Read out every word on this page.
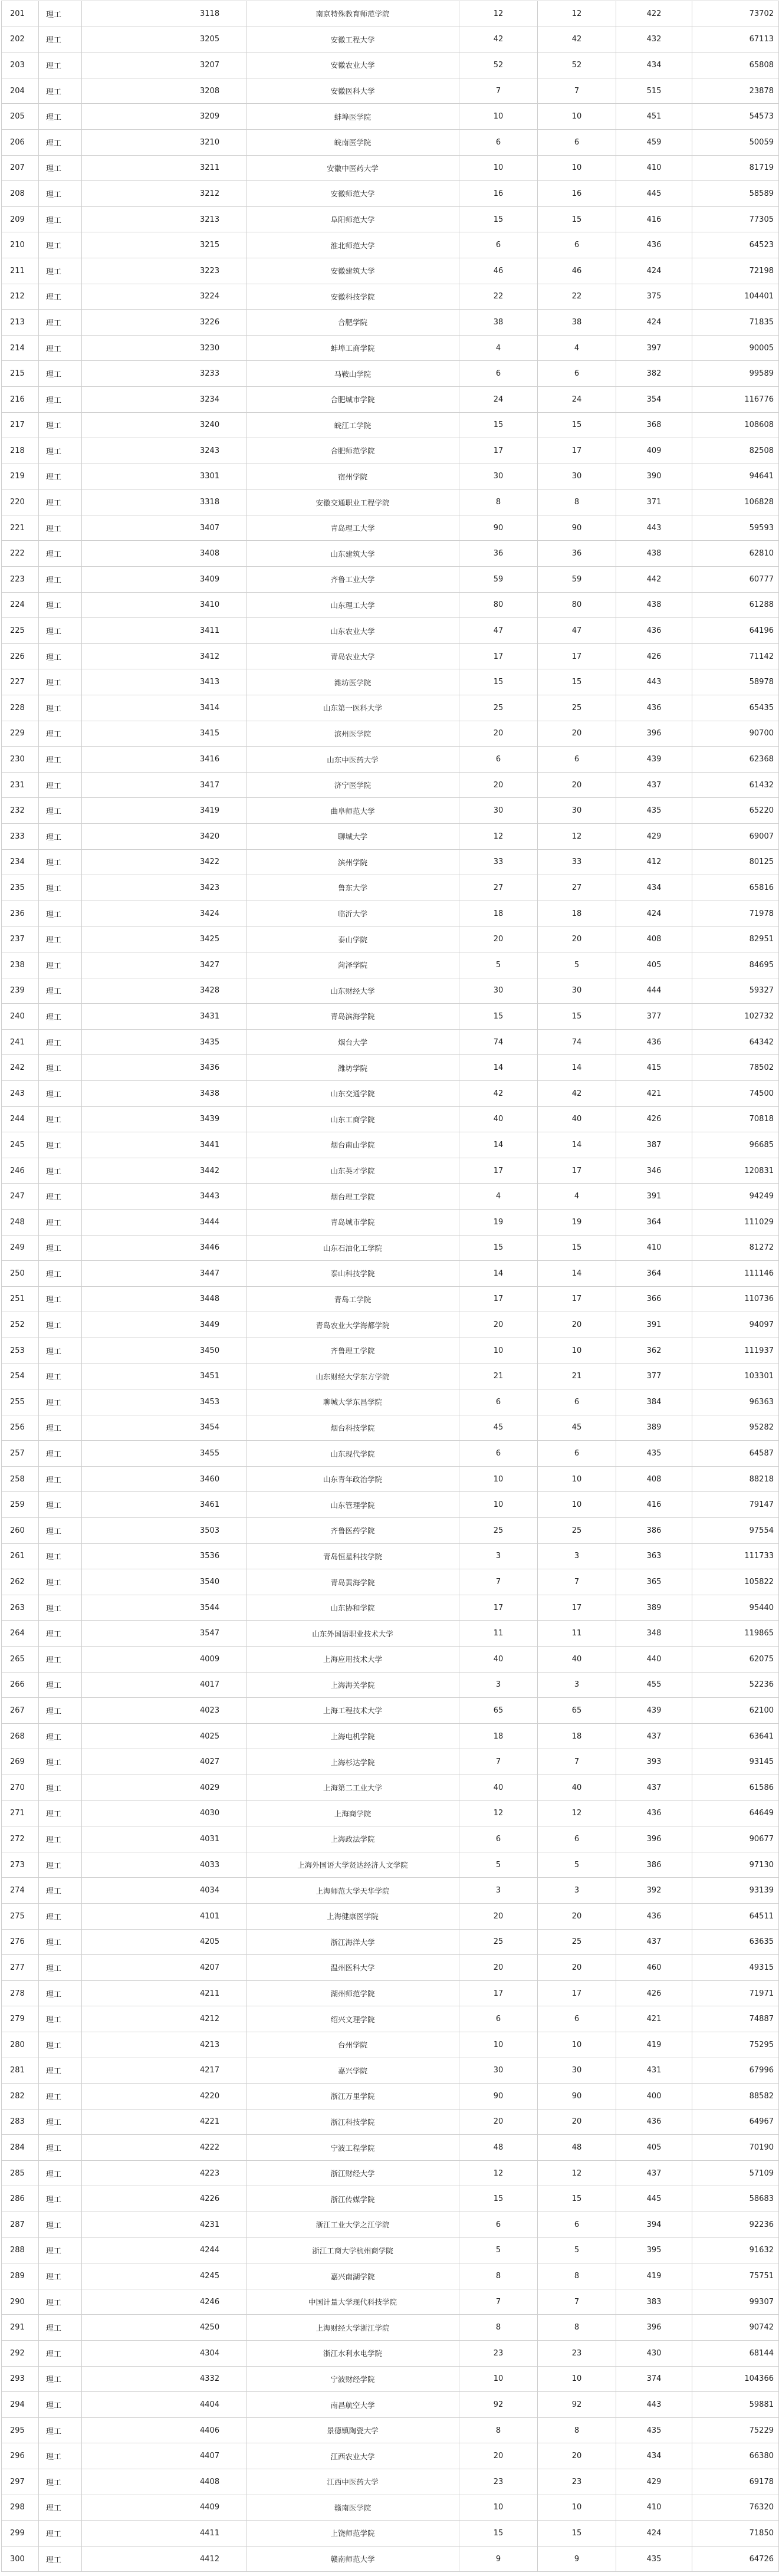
201	理工	3118	南京特殊教育师范学院	12	12	422	73702
202	理工	3205	安徽工程大学	42	42	432	67113
203	理工	3207	安徽农业大学	52	52	434	65808
204	理工	3208	安徽医科大学	7	7	515	23878
205	理工	3209	蚌埠医学院	10	10	451	54573
206	理工	3210	皖南医学院	6	6	459	50059
207	理工	3211	安徽中医药大学	10	10	410	81719
208	理工	3212	安徽师范大学	16	16	445	58589
209	理工	3213	阜阳师范大学	15	15	416	77305
210	理工	3215	淮北师范大学	6	6	436	64523
211	理工	3223	安徽建筑大学	46	46	424	72198
212	理工	3224	安徽科技学院	22	22	375	104401
213	理工	3226	合肥学院	38	38	424	71835
214	理工	3230	蚌埠工商学院	4	4	397	90005
215	理工	3233	马鞍山学院	6	6	382	99589
216	理工	3234	合肥城市学院	24	24	354	116776
217	理工	3240	皖江工学院	15	15	368	108608
218	理工	3243	合肥师范学院	17	17	409	82508
219	理工	3301	宿州学院	30	30	390	94641
220	理工	3318	安徽交通职业工程学院	8	8	371	106828
221	理工	3407	青岛理工大学	90	90	443	59593
222	理工	3408	山东建筑大学	36	36	438	62810
223	理工	3409	齐鲁工业大学	59	59	442	60777
224	理工	3410	山东理工大学	80	80	438	61288
225	理工	3411	山东农业大学	47	47	436	64196
226	理工	3412	青岛农业大学	17	17	426	71142
227	理工	3413	潍坊医学院	15	15	443	58978
228	理工	3414	山东第一医科大学	25	25	436	65435
229	理工	3415	滨州医学院	20	20	396	90700
230	理工	3416	山东中医药大学	6	6	439	62368
231	理工	3417	济宁医学院	20	20	437	61432
232	理工	3419	曲阜师范大学	30	30	435	65220
233	理工	3420	聊城大学	12	12	429	69007
234	理工	3422	滨州学院	33	33	412	80125
235	理工	3423	鲁东大学	27	27	434	65816
236	理工	3424	临沂大学	18	18	424	71978
237	理工	3425	泰山学院	20	20	408	82951
238	理工	3427	菏泽学院	5	5	405	84695
239	理工	3428	山东财经大学	30	30	444	59327
240	理工	3431	青岛滨海学院	15	15	377	102732
241	理工	3435	烟台大学	74	74	436	64342
242	理工	3436	潍坊学院	14	14	415	78502
243	理工	3438	山东交通学院	42	42	421	74500
244	理工	3439	山东工商学院	40	40	426	70818
245	理工	3441	烟台南山学院	14	14	387	96685
246	理工	3442	山东英才学院	17	17	346	120831
247	理工	3443	烟台理工学院	4	4	391	94249
248	理工	3444	青岛城市学院	19	19	364	111029
249	理工	3446	山东石油化工学院	15	15	410	81272
250	理工	3447	泰山科技学院	14	14	364	111146
251	理工	3448	青岛工学院	17	17	366	110736
252	理工	3449	青岛农业大学海都学院	20	20	391	94097
253	理工	3450	齐鲁理工学院	10	10	362	111937
254	理工	3451	山东财经大学东方学院	21	21	377	103301
255	理工	3453	聊城大学东昌学院	6	6	384	96363
256	理工	3454	烟台科技学院	45	45	389	95282
257	理工	3455	山东现代学院	6	6	435	64587
258	理工	3460	山东青年政治学院	10	10	408	88218
259	理工	3461	山东管理学院	10	10	416	79147
260	理工	3503	齐鲁医药学院	25	25	386	97554
261	理工	3536	青岛恒星科技学院	3	3	363	111733
262	理工	3540	青岛黄海学院	7	7	365	105822
263	理工	3544	山东协和学院	17	17	389	95440
264	理工	3547	山东外国语职业技术大学	11	11	348	119865
265	理工	4009	上海应用技术大学	40	40	440	62075
266	理工	4017	上海海关学院	3	3	455	52236
267	理工	4023	上海工程技术大学	65	65	439	62100
268	理工	4025	上海电机学院	18	18	437	63641
269	理工	4027	上海杉达学院	7	7	393	93145
270	理工	4029	上海第二工业大学	40	40	437	61586
271	理工	4030	上海商学院	12	12	436	64649
272	理工	4031	上海政法学院	6	6	396	90677
273	理工	4033	上海外国语大学贤达经济人文学院	5	5	386	97130
274	理工	4034	上海师范大学天华学院	3	3	392	93139
275	理工	4101	上海健康医学院	20	20	436	64511
276	理工	4205	浙江海洋大学	25	25	437	63635
277	理工	4207	温州医科大学	20	20	460	49315
278	理工	4211	湖州师范学院	17	17	426	71971
279	理工	4212	绍兴文理学院	6	6	421	74887
280	理工	4213	台州学院	10	10	419	75295
281	理工	4217	嘉兴学院	30	30	431	67996
282	理工	4220	浙江万里学院	90	90	400	88582
283	理工	4221	浙江科技学院	20	20	436	64967
284	理工	4222	宁波工程学院	48	48	405	70190
285	理工	4223	浙江财经大学	12	12	437	57109
286	理工	4226	浙江传媒学院	15	15	445	58683
287	理工	4231	浙江工业大学之江学院	6	6	394	92236
288	理工	4244	浙江工商大学杭州商学院	5	5	395	91632
289	理工	4245	嘉兴南湖学院	8	8	419	75751
290	理工	4246	中国计量大学现代科技学院	7	7	383	99307
291	理工	4250	上海财经大学浙江学院	8	8	396	90742
292	理工	4304	浙江水利水电学院	23	23	430	68144
293	理工	4332	宁波财经学院	10	10	374	104366
294	理工	4404	南昌航空大学	92	92	443	59881
295	理工	4406	景德镇陶瓷大学	8	8	435	75229
296	理工	4407	江西农业大学	20	20	434	66380
297	理工	4408	江西中医药大学	23	23	429	69178
298	理工	4409	赣南医学院	10	10	410	76320
299	理工	4411	上饶师范学院	15	15	424	71850
300	理工	4412	赣南师范大学	9	9	435	64726
